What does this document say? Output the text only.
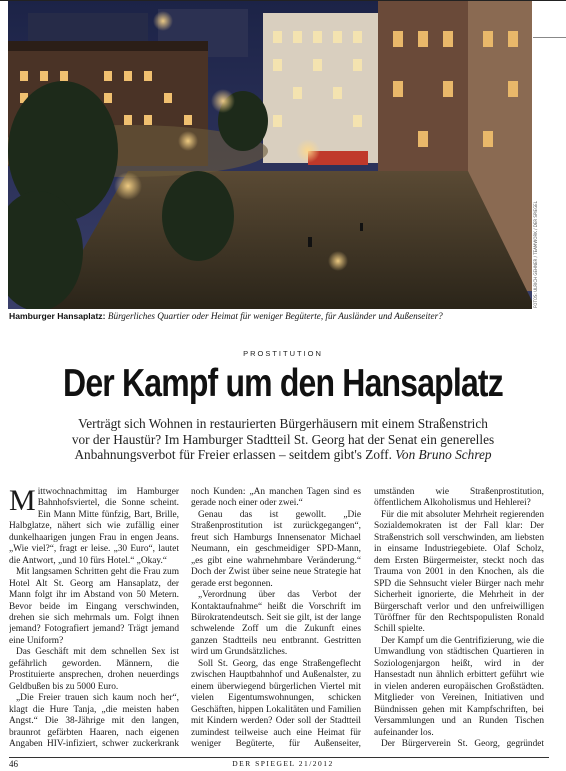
FOTOS: ULRICH GEHNER / TEAMWORK / DER SPIEGEL
Hamburger Hansaplatz: Bürgerliches Quartier oder Heimat für weniger Begüterte, für Ausländer und Außenseiter?
PROSTITUTION
Der Kampf um den Hansaplatz
Verträgt sich Wohnen in restaurierten Bürgerhäusern mit einem Straßenstrich vor der Haustür? Im Hamburger Stadtteil St. Georg hat der Senat ein generelles Anbahnungsverbot für Freier erlassen – seitdem gibt's Zoff. Von Bruno Schrep

Mittwochnachmittag im Hamburger Bahnhofsviertel, die Sonne scheint. Ein Mann Mitte fünfzig, Bart, Brille, Halbglatze, nähert sich wie zufällig einer dunkelhaarigen jungen Frau in engen Jeans. „Wie viel?“, fragt er leise. „30 Euro“, lautet die Antwort, „und 10 fürs Hotel.“ „Okay.“

Mit langsamen Schritten geht die Frau zum Hotel Alt St. Georg am Hansaplatz, der Mann folgt ihr im Abstand von 50 Metern. Bevor beide im Eingang verschwinden, drehen sie sich mehrmals um. Folgt ihnen jemand? Fotografiert jemand? Trägt jemand eine Uniform?

Das Geschäft mit dem schnellen Sex ist gefährlich geworden. Männern, die Prostituierte ansprechen, drohen neuerdings Geldbußen bis zu 5000 Euro.

„Die Freier trauen sich kaum noch her“, klagt die Hure Tanja, „die meisten haben Angst.“ Die 38-Jährige mit den langen, braunrot gefärbten Haaren, nach eigenen Angaben HIV-infiziert, schwer zuckerkrank

noch Kunden: „An manchen Tagen sind es gerade noch einer oder zwei.“

Genau das ist gewollt. „Die Straßenprostitution ist zurückgegangen“, freut sich Hamburgs Innensenator Michael Neumann, ein geschmeidiger SPD-Mann, „es gibt eine wahrnehmbare Veränderung.“ Doch der Zwist über seine neue Strategie hat gerade erst begonnen.

„Verordnung über das Verbot der Kontaktaufnahme“ heißt die Vorschrift im Bürokratendeutsch. Seit sie gilt, ist der lange schwelende Zoff um die Zukunft eines ganzen Stadtteils neu entbrannt. Gestritten wird um Grundsätzliches.

Soll St. Georg, das enge Straßengeflecht zwischen Hauptbahnhof und Außenalster, zu einem überwiegend bürgerlichen Viertel mit vielen Eigentumswohnungen, schicken Geschäften, hippen Lokalitäten und Familien mit Kindern werden? Oder soll der Stadtteil zumindest teilweise auch eine Heimat für weniger Begüterte, für Außenseiter,

umständen wie Straßenprostitution, öffentlichem Alkoholismus und Hehlerei?

Für die mit absoluter Mehrheit regierenden Sozialdemokraten ist der Fall klar: Der Straßenstrich soll verschwinden, am liebsten in einsame Industriegebiete. Olaf Scholz, dem Ersten Bürgermeister, steckt noch das Trauma von 2001 in den Knochen, als die SPD die Sehnsucht vieler Bürger nach mehr Sicherheit ignorierte, die Mehrheit in der Bürgerschaft verlor und den unfreiwilligen Türöffner für den Rechtspopulisten Ronald Schill spielte.

Der Kampf um die Gentrifizierung, wie die Umwandlung von städtischen Quartieren in Soziologenjargon heißt, wird in der Hansestadt nun ähnlich erbittert geführt wie in vielen anderen europäischen Großstädten. Mitglieder von Vereinen, Initiativen und Bündnissen gehen mit Kampfschriften, bei Versammlungen und an Runden Tischen aufeinander los.

Der Bürgerverein St. Georg, gegründet

46	DER SPIEGEL 21/2012
